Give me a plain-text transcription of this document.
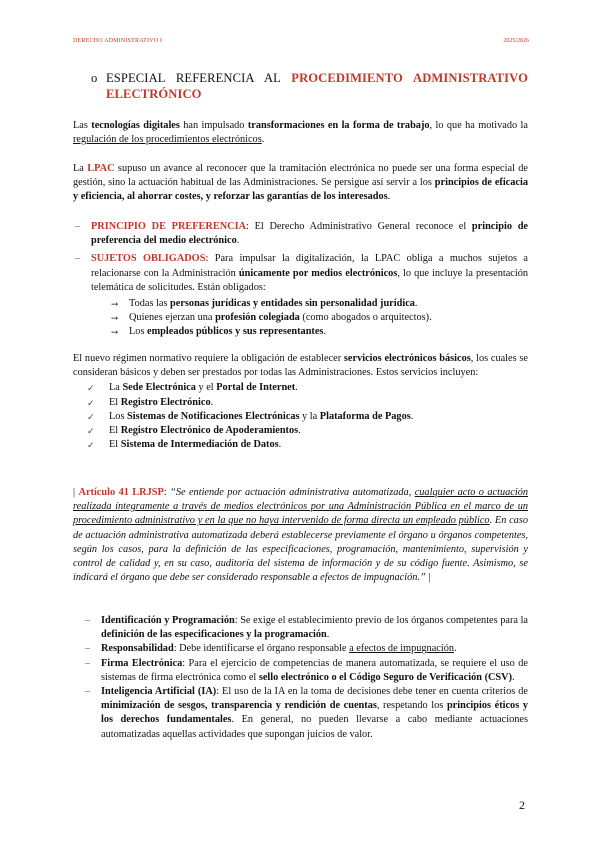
DERECHO ADMINISTRATIVO I	2025/2026
o ESPECIAL REFERENCIA AL PROCEDIMIENTO ADMINISTRATIVO
ELECTRÓNICO

Las tecnologías digitales han impulsado transformaciones en la forma de trabajo, lo que ha motivado la regulación de los procedimientos electrónicos.

La LPAC supuso un avance al reconocer que la tramitación electrónica no puede ser una forma especial de gestión, sino la actuación habitual de las Administraciones. Se persigue así servir a los principios de eficacia y eficiencia, al ahorrar costes, y reforzar las garantías de los interesados.

– PRINCIPIO DE PREFERENCIA: El Derecho Administrativo General reconoce el principio de preferencia del medio electrónico.
– SUJETOS OBLIGADOS: Para impulsar la digitalización, la LPAC obliga a muchos sujetos a relacionarse con la Administración únicamente por medios electrónicos, lo que incluye la presentación telemática de solicitudes. Están obligados:
➙ Todas las personas jurídicas y entidades sin personalidad jurídica.
➙ Quienes ejerzan una profesión colegiada (como abogados o arquitectos).
➙ Los empleados públicos y sus representantes.

El nuevo régimen normativo requiere la obligación de establecer servicios electrónicos básicos, los cuales se consideran básicos y deben ser prestados por todas las Administraciones. Estos servicios incluyen:

✓ La Sede Electrónica y el Portal de Internet.
✓ El Registro Electrónico.
✓ Los Sistemas de Notificaciones Electrónicas y la Plataforma de Pagos.
✓ El Registro Electrónico de Apoderamientos.
✓ El Sistema de Intermediación de Datos.

| Artículo 41 LRJSP: “Se entiende por actuación administrativa automatizada, cualquier acto o actuación realizada íntegramente a través de medios electrónicos por una Administración Pública en el marco de un procedimiento administrativo y en la que no haya intervenido de forma directa un empleado público. En caso de actuación administrativa automatizada deberá establecerse previamente el órgano u órganos competentes, según los casos, para la definición de las especificaciones, programación, mantenimiento, supervisión y control de calidad y, en su caso, auditoría del sistema de información y de su código fuente. Asimismo, se indicará el órgano que debe ser considerado responsable a efectos de impugnación.” |

– Identificación y Programación: Se exige el establecimiento previo de los órganos competentes para la definición de las especificaciones y la programación.
– Responsabilidad: Debe identificarse el órgano responsable a efectos de impugnación.
– Firma Electrónica: Para el ejercicio de competencias de manera automatizada, se requiere el uso de sistemas de firma electrónica como el sello electrónico o el Código Seguro de Verificación (CSV).
– Inteligencia Artificial (IA): El uso de la IA en la toma de decisiones debe tener en cuenta criterios de minimización de sesgos, transparencia y rendición de cuentas, respetando los principios éticos y los derechos fundamentales. En general, no pueden llevarse a cabo mediante actuaciones automatizadas aquellas actividades que supongan juicios de valor.
2
